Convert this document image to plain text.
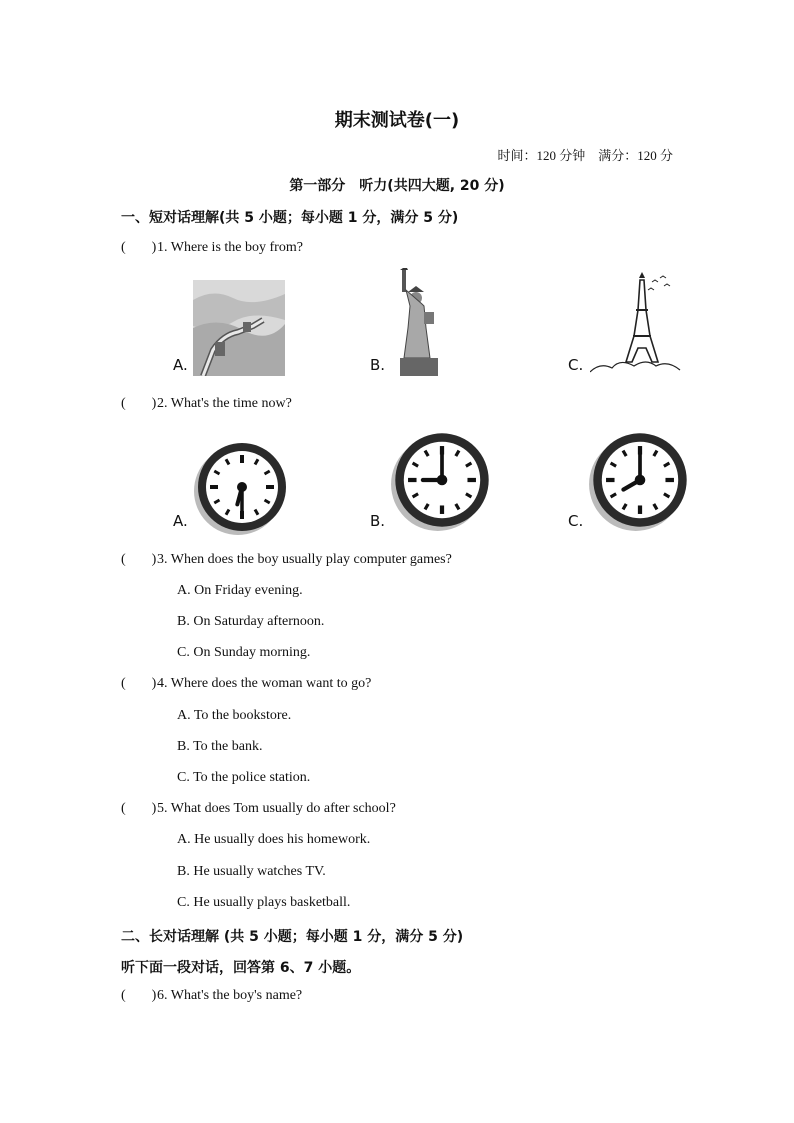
期末测试卷(一)
时间：120 分钟　满分：120 分
第一部分　听力(共四大题, 20 分)
一、短对话理解(共 5 小题；每小题 1 分，满分 5 分)
( )1. Where is the boy from?
A.	B.	C.
( )2. What's the time now?
A.	B.	C.
( )3. When does the boy usually play computer games?
A. On Friday evening.
B. On Saturday afternoon.
C. On Sunday morning.
( )4. Where does the woman want to go?
A. To the bookstore.
B. To the bank.
C. To the police station.
( )5. What does Tom usually do after school?
A. He usually does his homework.
B. He usually watches TV.
C. He usually plays basketball.
二、长对话理解 (共 5 小题；每小题 1 分，满分 5 分)
听下面一段对话，回答第 6、7 小题。
( )6. What's the boy's name?
